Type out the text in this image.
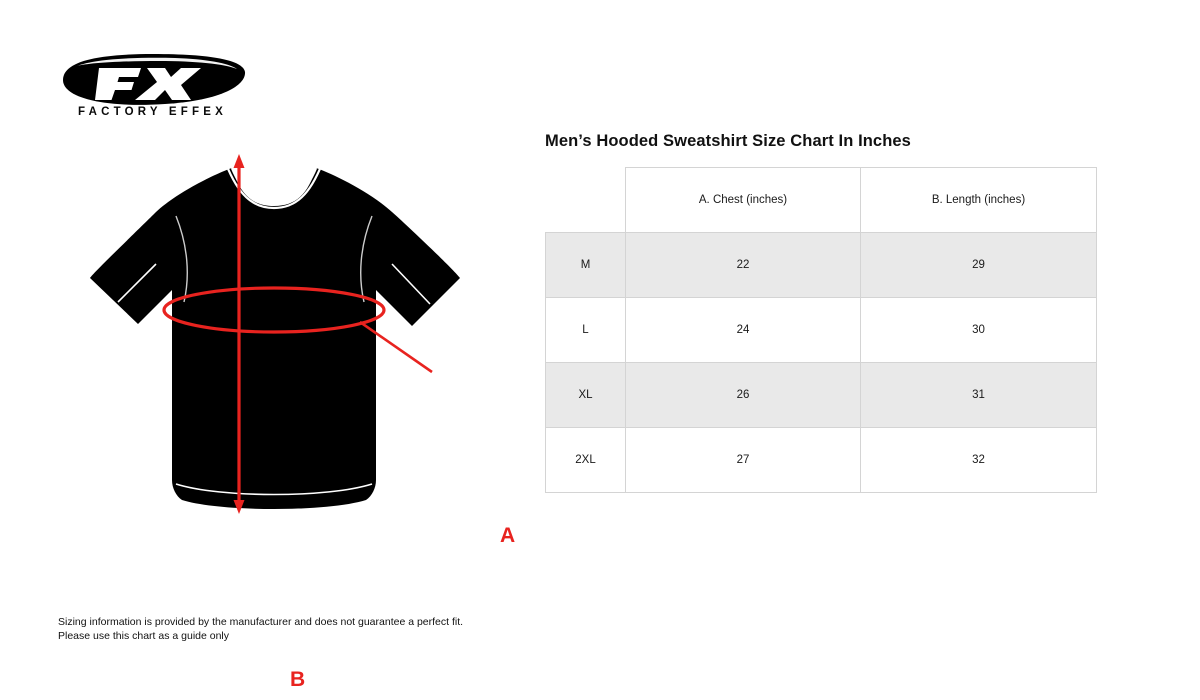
FACTORY EFFEX
A
B
Men’s Hooded Sweatshirt Size Chart In Inches
	A. Chest (inches)	B. Length (inches)
M	22	29
L	24	30
XL	26	31
2XL	27	32
Sizing information is provided by the manufacturer and does not guarantee a perfect fit.
Please use this chart as a guide only
